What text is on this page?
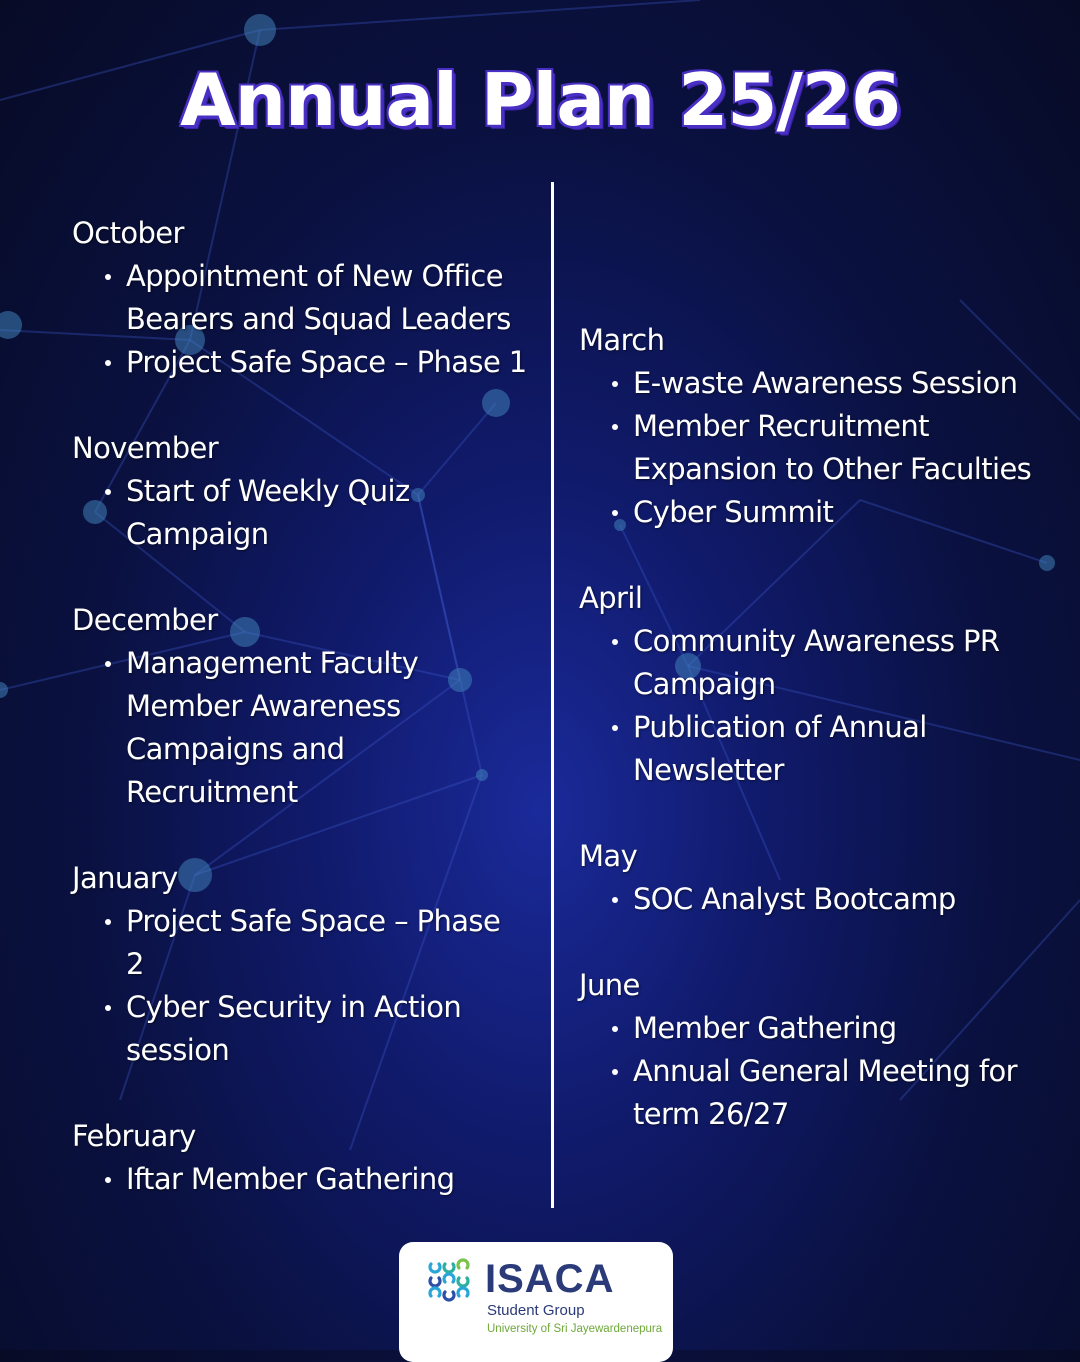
Annual Plan 25/26
October
Appointment of New Office Bearers and Squad Leaders
Project Safe Space – Phase 1
November
Start of Weekly Quiz Campaign
December
Management Faculty Member Awareness Campaigns and Recruitment
January
Project Safe Space – Phase 2
Cyber Security in Action session
February
Iftar Member Gathering
March
E-waste Awareness Session
Member Recruitment Expansion to Other Faculties
Cyber Summit
April
Community Awareness PR Campaign
Publication of Annual Newsletter
May
SOC Analyst Bootcamp
June
Member Gathering
Annual General Meeting for term 26/27
ISACA
Student Group
University of Sri Jayewardenepura
